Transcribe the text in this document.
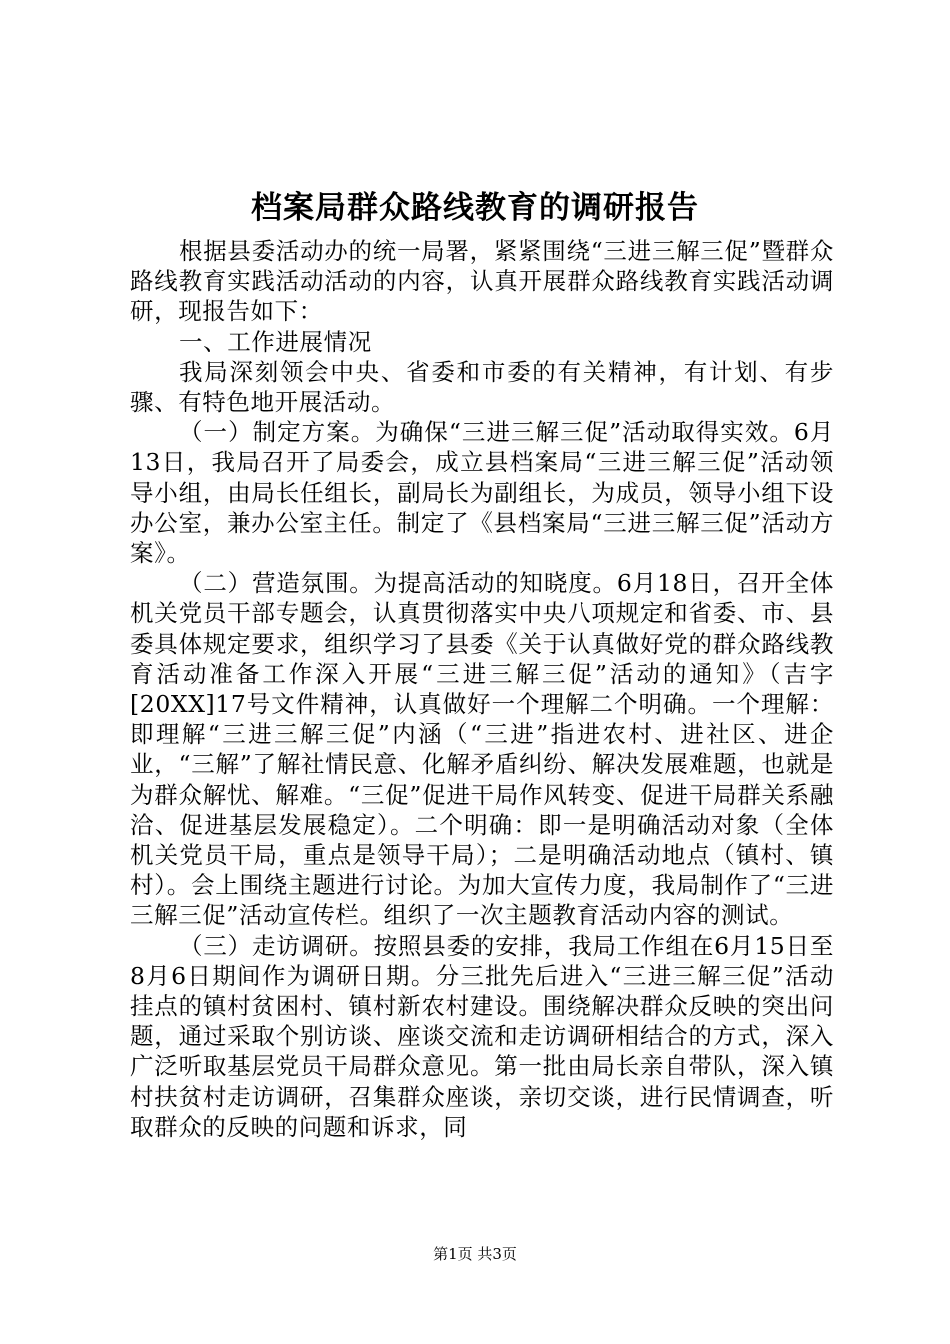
档案局群众路线教育的调研报告

根据县委活动办的统一局署，紧紧围绕“三进三解三促”暨群众路线教育实践活动活动的内容，认真开展群众路线教育实践活动调研，现报告如下：

一、工作进展情况

我局深刻领会中央、省委和市委的有关精神，有计划、有步骤、有特色地开展活动。

（一）制定方案。为确保“三进三解三促”活动取得实效。6月13日，我局召开了局委会，成立县档案局“三进三解三促”活动领导小组，由局长任组长，副局长为副组长，为成员，领导小组下设办公室，兼办公室主任。制定了《县档案局“三进三解三促”活动方案》。

（二）营造氛围。为提高活动的知晓度。6月18日，召开全体机关党员干部专题会，认真贯彻落实中央八项规定和省委、市、县委具体规定要求，组织学习了县委《关于认真做好党的群众路线教育活动准备工作深入开展“三进三解三促”活动的通知》（吉字[20XX]17号文件精神，认真做好一个理解二个明确。一个理解：即理解“三进三解三促”内涵（“三进”指进农村、进社区、进企业，“三解”了解社情民意、化解矛盾纠纷、解决发展难题，也就是为群众解忧、解难。“三促”促进干局作风转变、促进干局群关系融洽、促进基层发展稳定）。二个明确：即一是明确活动对象（全体机关党员干局，重点是领导干局）；二是明确活动地点（镇村、镇村）。会上围绕主题进行讨论。为加大宣传力度，我局制作了“三进三解三促”活动宣传栏。组织了一次主题教育活动内容的测试。

（三）走访调研。按照县委的安排，我局工作组在6月15日至8月6日期间作为调研日期。分三批先后进入“三进三解三促”活动挂点的镇村贫困村、镇村新农村建设。围绕解决群众反映的突出问题，通过采取个别访谈、座谈交流和走访调研相结合的方式，深入广泛听取基层党员干局群众意见。第一批由局长亲自带队，深入镇村扶贫村走访调研，召集群众座谈，亲切交谈，进行民情调查，听取群众的反映的问题和诉求，同

第1页 共3页
